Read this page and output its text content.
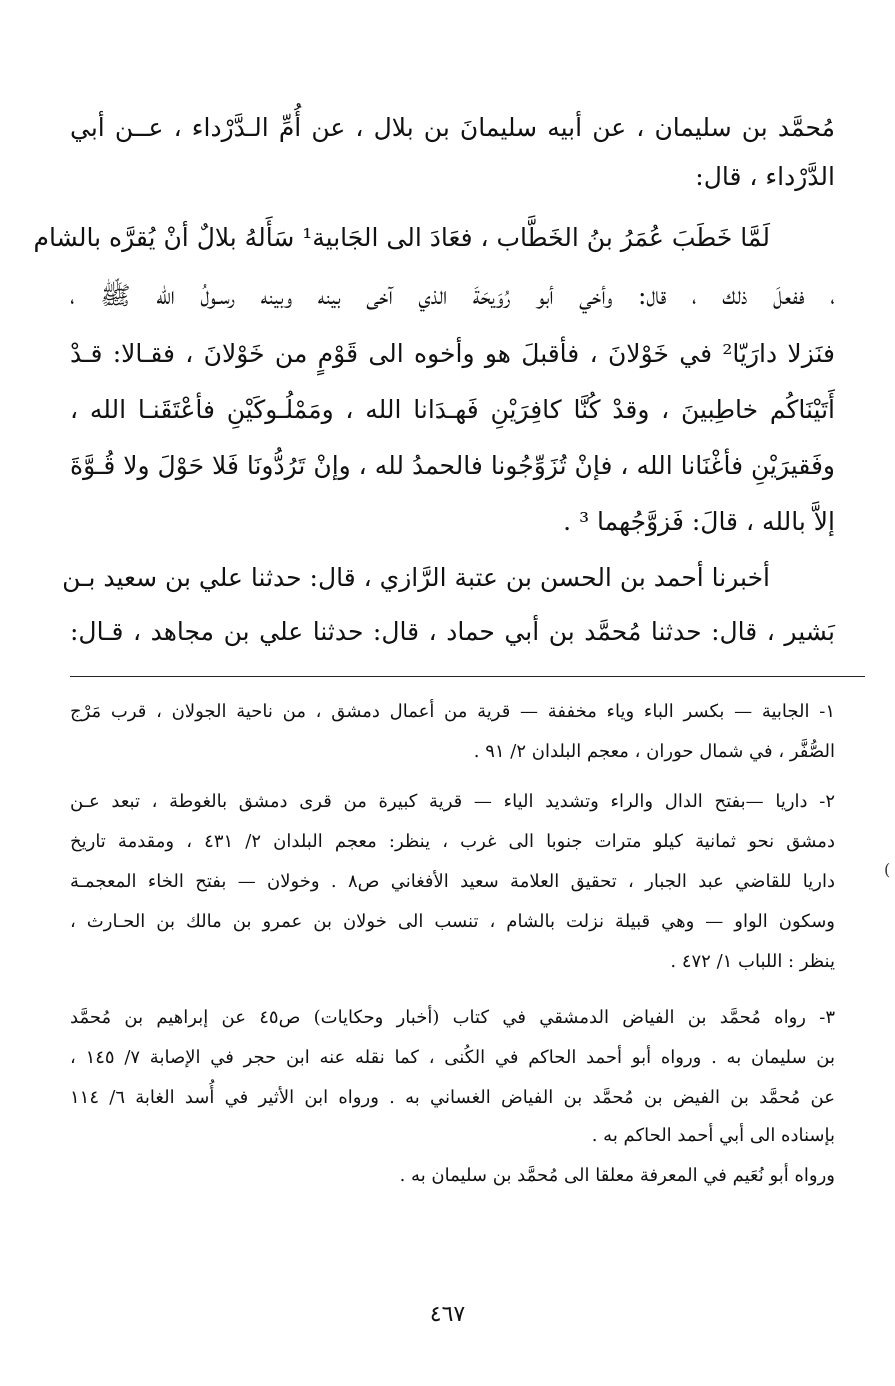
مُحمَّد بن سليمان ، عن أبيه سليمانَ بن بلال ، عن أُمِّ الـدَّرْداء ، عــن أبي
الدَّرْداء ، قال:
لَمَّا خَطَبَ عُمَرُ بنُ الخَطَّاب ، فعَادَ الى الجَابية¹ سَأَلهُ بلالٌ أنْ يُقرَّه بالشام
، ففعلَ ذلك ، قال: وأخي أبو رُوَيحَةَ الذي آخى بينه وبينه رسـولُ الله ﷺ ،
فنَزلا دارَيّا² في خَوْلانَ ، فأقبلَ هو وأخوه الى قَوْمٍ من خَوْلانَ ، فقـالا: قـدْ
أَتَيْنَاكُم خاطِبينَ ، وقدْ كُنَّا كافِرَيْنِ فَهـدَانا الله ، ومَمْلُـوكَيْنِ فأعْتَقَنـا الله ،
وفَقيرَيْنِ فأغْنَانا الله ، فإنْ تُزَوِّجُونا فالحمدُ لله ، وإنْ تَرُدُّونَا فَلا حَوْلَ ولا قُـوَّةَ
إلاَّ بالله ، قالَ: فَزوَّجُهما ³ .
أخبرنا أحمد بن الحسن بن عتبة الرَّازي ، قال: حدثنا علي بن سعيد بـن
بَشير ، قال: حدثنا مُحمَّد بن أبي حماد ، قال: حدثنا علي بن مجاهد ، قـال:
١- الجابية — بكسر الباء وياء مخففة — قرية من أعمال دمشق ، من ناحية الجولان ، قرب مَرْج
الصُّفَّر ، في شمال حوران ، معجم البلدان ٢/ ٩١ .
٢- داريا —بفتح الدال والراء وتشديد الياء — قرية كبيرة من قرى دمشق بالغوطة ، تبعد عـن
دمشق نحو ثمانية كيلو مترات جنوبا الى غرب ، ينظر: معجم البلدان ٢/ ٤٣١ ، ومقدمة تاريخ
داريا للقاضي عبد الجبار ، تحقيق العلامة سعيد الأفغاني ص٨ . وخولان — بفتح الخاء المعجمـة
وسكون الواو — وهي قبيلة نزلت بالشام ، تنسب الى خولان بن عمرو بن مالك بن الحـارث ،
ينظر : اللباب ١/ ٤٧٢ .
٣- رواه مُحمَّد بن الفياض الدمشقي في كتاب (أخبار وحكايات) ص٤٥ عن إبراهيم بن مُحمَّد
بن سليمان به . ورواه أبو أحمد الحاكم في الكُنى ، كما نقله عنه ابن حجر في الإصابة ٧/ ١٤٥ ،
عن مُحمَّد بن الفيض بن مُحمَّد بن الفياض الغساني به . ورواه ابن الأثير في أُسد الغابة ٦/ ١١٤
بإسناده الى أبي أحمد الحاكم به .
ورواه أبو نُعَيم في المعرفة معلقا الى مُحمَّد بن سليمان به .
٤٦٧
(
